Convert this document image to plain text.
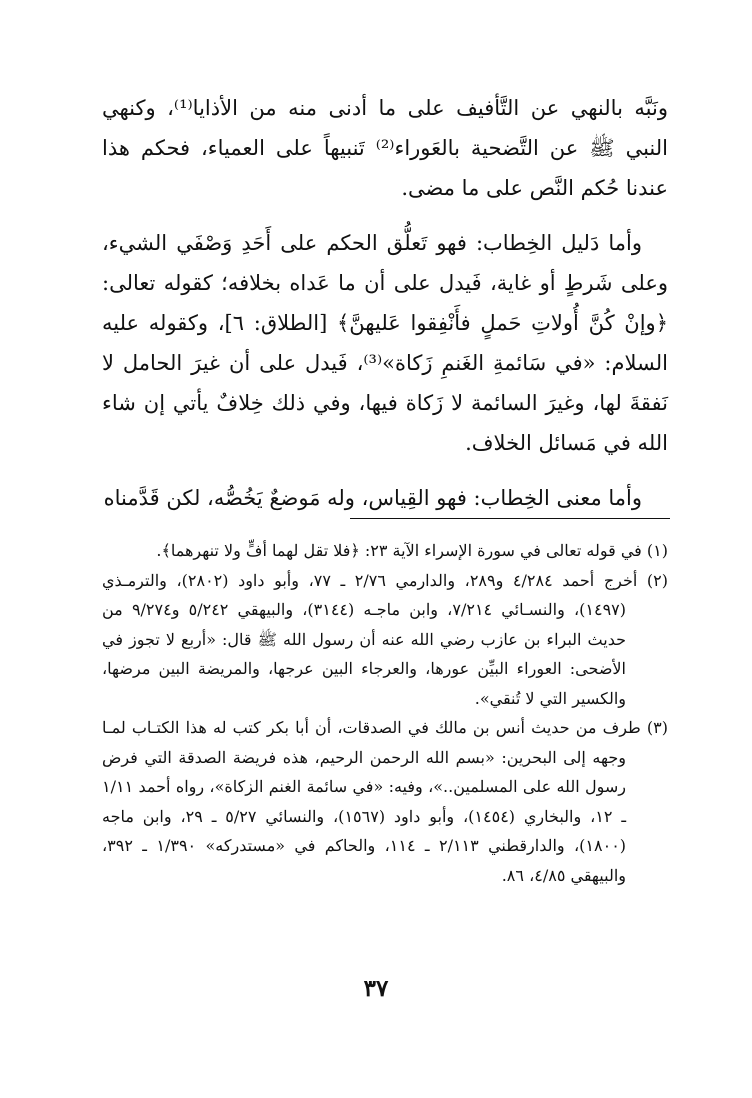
ونَبَّه بالنهي عن التَّأفيف على ما أدنى منه من الأذايا⁽¹⁾، وكنهي النبي ﷺ عن التَّضحية بالعَوراء⁽²⁾ تَنبيهاً على العمياء، فحكم هذا عندنا حُكم النَّص على ما مضى.

وأما دَليل الخِطاب: فهو تَعلُّق الحكم على أَحَدِ وَصْفَي الشيء، وعلى شَرطٍ أو غاية، فَيدل على أن ما عَداه بخلافه؛ كقوله تعالى: ﴿وإنْ كُنَّ أُولاتِ حَملٍ فأَنْفِقوا عَليهنَّ﴾ [الطلاق: ٦]، وكقوله عليه السلام: «في سَائمةِ الغَنمِ زَكاة»⁽³⁾، فَيدل على أن غيرَ الحامل لا نَفقةَ لها، وغيرَ السائمة لا زَكاة فيها، وفي ذلك خِلافٌ يأتي إن شاء الله في مَسائل الخلاف.

وأما معنى الخِطاب: فهو القِياس، وله مَوضعٌ يَخُصُّه، لكن قَدَّمناه

(١) في قوله تعالى في سورة الإسراء الآية ٢٣: ﴿فلا تقل لهما أفٍّ ولا تنهرهما﴾.

(٢) أخرج أحمد ٤/٢٨٤ و٢٨٩، والدارمي ٢/٧٦ ـ ٧٧، وأبو داود (٢٨٠٢)، والترمـذي (١٤٩٧)، والنسـائي ٧/٢١٤، وابن ماجـه (٣١٤٤)، والبيهقي ٥/٢٤٢ و٩/٢٧٤ من حديث البراء بن عازب رضي الله عنه أن رسول الله ﷺ قال: «أربع لا تجوز في الأضحى: العوراء البيِّن عورها، والعرجاء البين عرجها، والمريضة البين مرضها، والكسير التي لا تُنقي».

(٣) طرف من حديث أنس بن مالك في الصدقات، أن أبا بكر كتب له هذا الكتـاب لمـا وجهه إلى البحرين: «بسم الله الرحمن الرحيم، هذه فريضة الصدقة التي فرض رسول الله على المسلمين..»، وفيه: «في سائمة الغنم الزكاة»، رواه أحمد ١/١١ ـ ١٢، والبخاري (١٤٥٤)، وأبو داود (١٥٦٧)، والنسائي ٥/٢٧ ـ ٢٩، وابن ماجه (١٨٠٠)، والدارقطني ٢/١١٣ ـ ١١٤، والحاكم في «مستدركه» ١/٣٩٠ ـ ٣٩٢، والبيهقي ٤/٨٥، ٨٦.

٣٧
